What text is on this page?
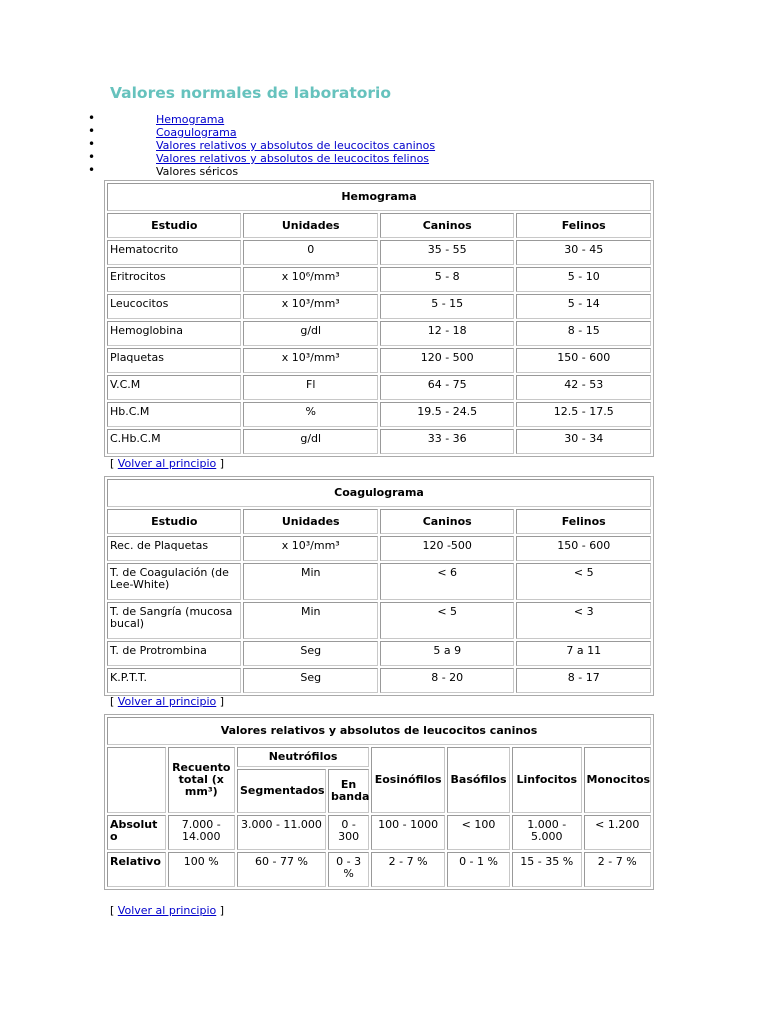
Valores normales de laboratorio
•	Hemograma
•	Coagulograma
•	Valores relativos y absolutos de leucocitos caninos
•	Valores relativos y absolutos de leucocitos felinos
•	Valores séricos
Hemograma			
Estudio	Unidades	Caninos	Felinos
Hematocrito	0	35 - 55	30 - 45
Eritrocitos	x 10⁶/mm³	5 - 8	5 - 10
Leucocitos	x 10³/mm³	5 - 15	5 - 14
Hemoglobina	g/dl	12 - 18	8 - 15
Plaquetas	x 10³/mm³	120 - 500	150 - 600
V.C.M	Fl	64 - 75	42 - 53
Hb.C.M	%	19.5 - 24.5	12.5 - 17.5
C.Hb.C.M	g/dl	33 - 36	30 - 34
[ Volver al principio ]
Coagulograma			
Estudio	Unidades	Caninos	Felinos
Rec. de Plaquetas	x 10³/mm³	120 -500	150 - 600
T. de Coagulación (de Lee-White)	Min	< 6	< 5
T. de Sangría (mucosa bucal)	Min	< 5	< 3
T. de Protrombina	Seg	5 a 9	7 a 11
K.P.T.T.	Seg	8 - 20	8 - 17
[ Volver al principio ]
Valores relativos y absolutos de leucocitos caninos							
	Recuento total (x mm³)	Neutrófilos		Eosinófilos	Basófilos	Linfocitos	Monocitos
		Segmentados	En banda				
Absoluto	7.000 - 14.000	3.000 - 11.000	0 - 300	100 - 1000	< 100	1.000 - 5.000	< 1.200
Relativo	100 %	60 - 77 %	0 - 3 %	2 - 7 %	0 - 1 %	15 - 35 %	2 - 7 %
[ Volver al principio ]
